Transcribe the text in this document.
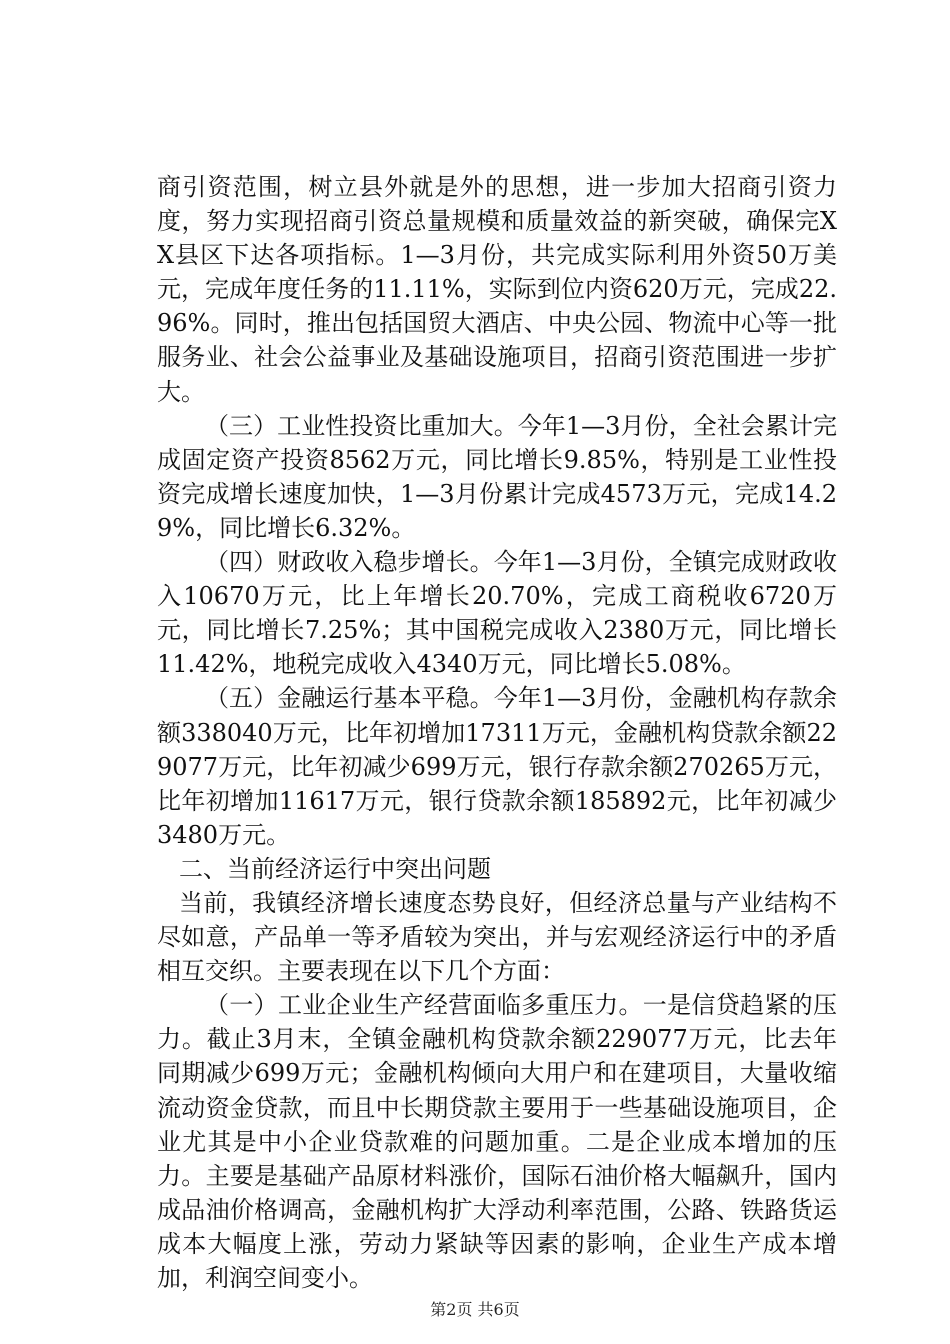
商引资范围，树立县外就是外的思想，进一步加大招商引资力度，努力实现招商引资总量规模和质量效益的新突破，确保完XX县区下达各项指标。1—3月份，共完成实际利用外资50万美元，完成年度任务的11.11%，实际到位内资620万元，完成22.96%。同时，推出包括国贸大酒店、中央公园、物流中心等一批服务业、社会公益事业及基础设施项目，招商引资范围进一步扩大。

（三）工业性投资比重加大。今年1—3月份，全社会累计完成固定资产投资8562万元，同比增长9.85%，特别是工业性投资完成增长速度加快，1—3月份累计完成4573万元，完成14.29%，同比增长6.32%。

（四）财政收入稳步增长。今年1—3月份，全镇完成财政收入10670万元，比上年增长20.70%，完成工商税收6720万元，同比增长7.25%；其中国税完成收入2380万元，同比增长11.42%，地税完成收入4340万元，同比增长5.08%。

（五）金融运行基本平稳。今年1—3月份，金融机构存款余额338040万元，比年初增加17311万元，金融机构贷款余额229077万元，比年初减少699万元，银行存款余额270265万元，比年初增加11617万元，银行贷款余额185892元，比年初减少3480万元。

二、当前经济运行中突出问题

当前，我镇经济增长速度态势良好，但经济总量与产业结构不尽如意，产品单一等矛盾较为突出，并与宏观经济运行中的矛盾相互交织。主要表现在以下几个方面：

（一）工业企业生产经营面临多重压力。一是信贷趋紧的压力。截止3月末，全镇金融机构贷款余额229077万元，比去年同期减少699万元；金融机构倾向大用户和在建项目，大量收缩流动资金贷款，而且中长期贷款主要用于一些基础设施项目，企业尤其是中小企业贷款难的问题加重。二是企业成本增加的压力。主要是基础产品原材料涨价，国际石油价格大幅飙升，国内成品油价格调高，金融机构扩大浮动利率范围，公路、铁路货运成本大幅度上涨，劳动力紧缺等因素的影响，企业生产成本增加，利润空间变小。

第2页 共6页
